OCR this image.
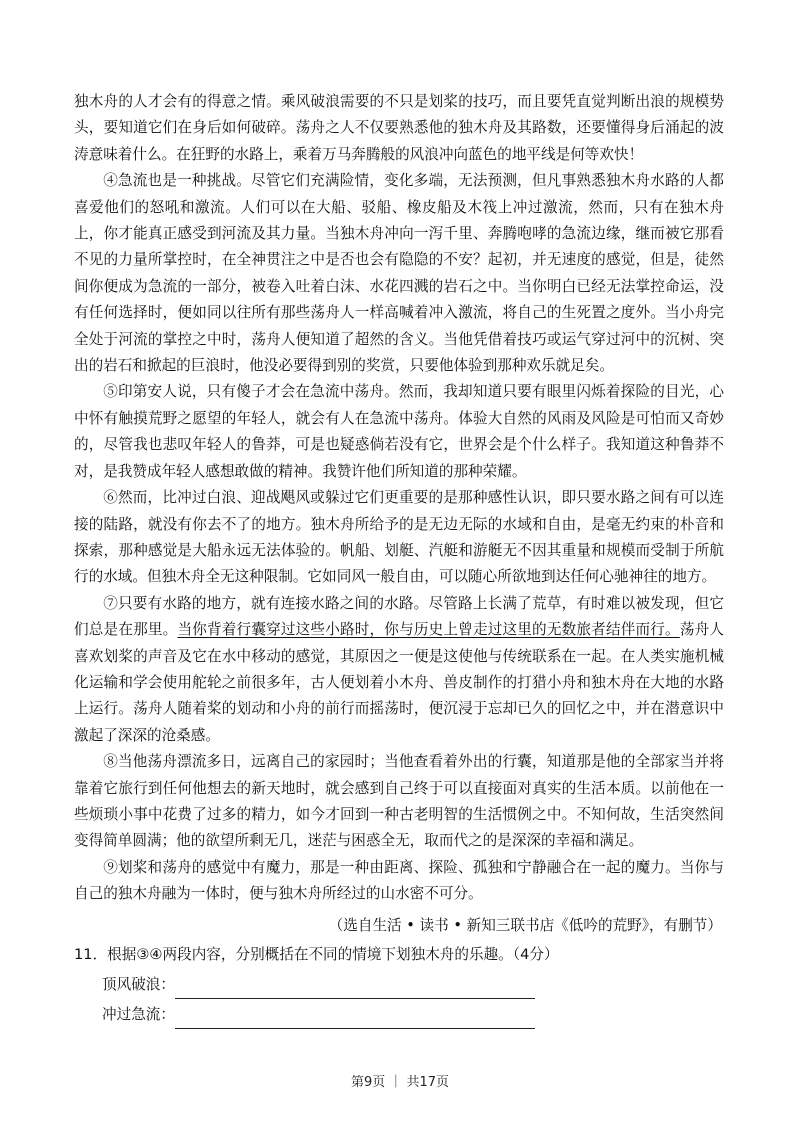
独木舟的人才会有的得意之情。乘风破浪需要的不只是划桨的技巧，而且要凭直觉判断出浪的规模势头，要知道它们在身后如何破碎。荡舟之人不仅要熟悉他的独木舟及其路数，还要懂得身后涌起的波涛意味着什么。在狂野的水路上，乘着万马奔腾般的风浪冲向蓝色的地平线是何等欢快！

④急流也是一种挑战。尽管它们充满险情，变化多端，无法预测，但凡事熟悉独木舟水路的人都喜爱他们的怒吼和激流。人们可以在大船、驳船、橡皮船及木筏上冲过激流，然而，只有在独木舟上，你才能真正感受到河流及其力量。当独木舟冲向一泻千里、奔腾咆哮的急流边缘，继而被它那看不见的力量所掌控时，在全神贯注之中是否也会有隐隐的不安？起初，并无速度的感觉，但是，徒然间你便成为急流的一部分，被卷入吐着白沫、水花四溅的岩石之中。当你明白已经无法掌控命运，没有任何选择时，便如同以往所有那些荡舟人一样高喊着冲入激流，将自己的生死置之度外。当小舟完全处于河流的掌控之中时，荡舟人便知道了超然的含义。当他凭借着技巧或运气穿过河中的沉树、突出的岩石和掀起的巨浪时，他没必要得到别的奖赏，只要他体验到那种欢乐就足矣。

⑤印第安人说，只有傻子才会在急流中荡舟。然而，我却知道只要有眼里闪烁着探险的目光，心中怀有触摸荒野之愿望的年轻人，就会有人在急流中荡舟。体验大自然的风雨及风险是可怕而又奇妙的，尽管我也悲叹年轻人的鲁莽，可是也疑惑倘若没有它，世界会是个什么样子。我知道这种鲁莽不对，是我赞成年轻人感想敢做的精神。我赞许他们所知道的那种荣耀。

⑥然而，比冲过白浪、迎战飓风或躲过它们更重要的是那种感性认识，即只要水路之间有可以连接的陆路，就没有你去不了的地方。独木舟所给予的是无边无际的水域和自由，是毫无约束的朴音和探索，那种感觉是大船永远无法体验的。帆船、划艇、汽艇和游艇无不因其重量和规模而受制于所航行的水域。但独木舟全无这种限制。它如同风一般自由，可以随心所欲地到达任何心驰神往的地方。

⑦只要有水路的地方，就有连接水路之间的水路。尽管路上长满了荒草，有时难以被发现，但它们总是在那里。当你背着行囊穿过这些小路时，你与历史上曾走过这里的无数旅者结伴而行。荡舟人喜欢划桨的声音及它在水中移动的感觉，其原因之一便是这使他与传统联系在一起。在人类实施机械化运输和学会使用舵轮之前很多年，古人便划着小木舟、兽皮制作的打猎小舟和独木舟在大地的水路上运行。荡舟人随着桨的划动和小舟的前行而摇荡时，便沉浸于忘却已久的回忆之中，并在潜意识中激起了深深的沧桑感。

⑧当他荡舟漂流多日，远离自己的家园时；当他查看着外出的行囊，知道那是他的全部家当并将靠着它旅行到任何他想去的新天地时，就会感到自己终于可以直接面对真实的生活本质。以前他在一些烦琐小事中花费了过多的精力，如今才回到一种古老明智的生活惯例之中。不知何故，生活突然间变得简单圆满；他的欲望所剩无几，迷茫与困惑全无，取而代之的是深深的幸福和满足。

⑨划桨和荡舟的感觉中有魔力，那是一种由距离、探险、孤独和宁静融合在一起的魔力。当你与自己的独木舟融为一体时，便与独木舟所经过的山水密不可分。

（选自生活 • 读书 • 新知三联书店《低吟的荒野》，有删节）
11．根据③④两段内容，分别概括在不同的情境下划独木舟的乐趣。（4分）
顶风破浪：
冲过急流：
第9页 ｜ 共17页
